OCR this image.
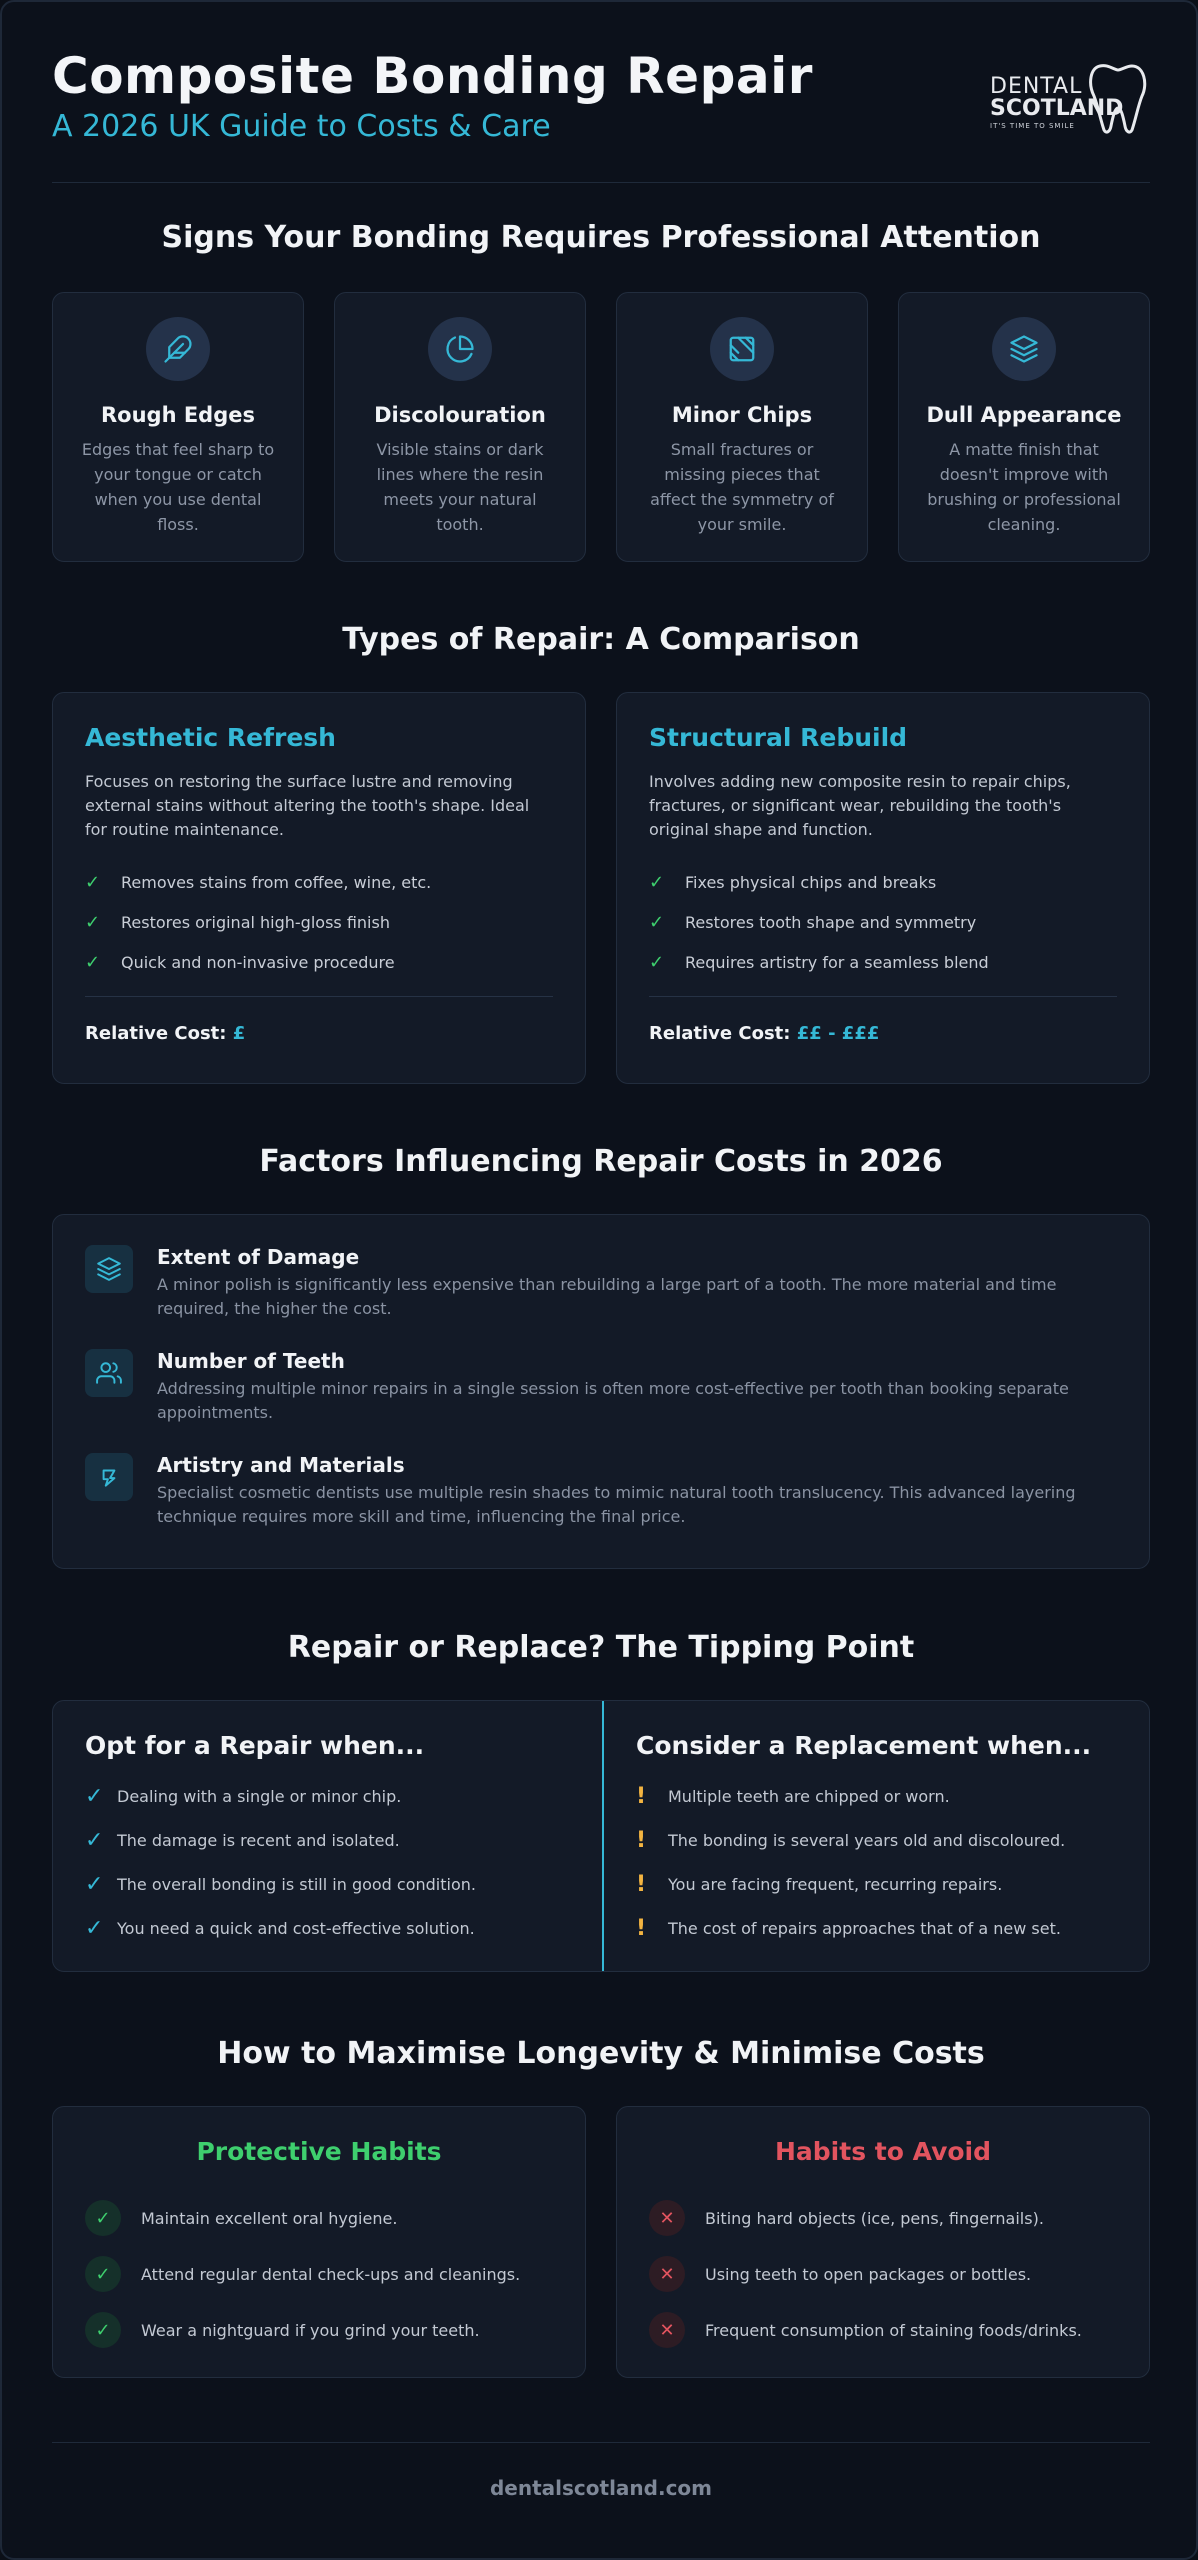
Composite Bonding Repair
A 2026 UK Guide to Costs & Care
DENTAL
SCOTLAND
IT'S TIME TO SMILE
Signs Your Bonding Requires Professional Attention
Rough Edges

Edges that feel sharp to your tongue or catch when you use dental floss.

Discolouration

Visible stains or dark lines where the resin meets your natural tooth.

Minor Chips

Small fractures or missing pieces that affect the symmetry of your smile.

Dull Appearance

A matte finish that doesn't improve with brushing or professional cleaning.

Types of Repair: A Comparison
Aesthetic Refresh

Focuses on restoring the surface lustre and removing external stains without altering the tooth's shape. Ideal for routine maintenance.

✓	Removes stains from coffee, wine, etc.
✓	Restores original high-gloss finish
✓	Quick and non-invasive procedure
Relative Cost: £
Structural Rebuild

Involves adding new composite resin to repair chips, fractures, or significant wear, rebuilding the tooth's original shape and function.

✓	Fixes physical chips and breaks
✓	Restores tooth shape and symmetry
✓	Requires artistry for a seamless blend
Relative Cost: ££ - £££
Factors Influencing Repair Costs in 2026
Extent of Damage

A minor polish is significantly less expensive than rebuilding a large part of a tooth. The more material and time required, the higher the cost.

Number of Teeth

Addressing multiple minor repairs in a single session is often more cost-effective per tooth than booking separate appointments.

Artistry and Materials

Specialist cosmetic dentists use multiple resin shades to mimic natural tooth translucency. This advanced layering technique requires more skill and time, influencing the final price.

Repair or Replace? The Tipping Point
Opt for a Repair when...
✓ Dealing with a single or minor chip.
✓ The damage is recent and isolated.
✓ The overall bonding is still in good condition.
✓ You need a quick and cost-effective solution.
Consider a Replacement when...
!	Multiple teeth are chipped or worn.
!	The bonding is several years old and discoloured.
!	You are facing frequent, recurring repairs.
!	The cost of repairs approaches that of a new set.
How to Maximise Longevity & Minimise Costs
Protective Habits
✓	Maintain excellent oral hygiene.
✓	Attend regular dental check-ups and cleanings.
✓	Wear a nightguard if you grind your teeth.
Habits to Avoid
✕	Biting hard objects (ice, pens, fingernails).
✕	Using teeth to open packages or bottles.
✕	Frequent consumption of staining foods/drinks.
dentalscotland.com
